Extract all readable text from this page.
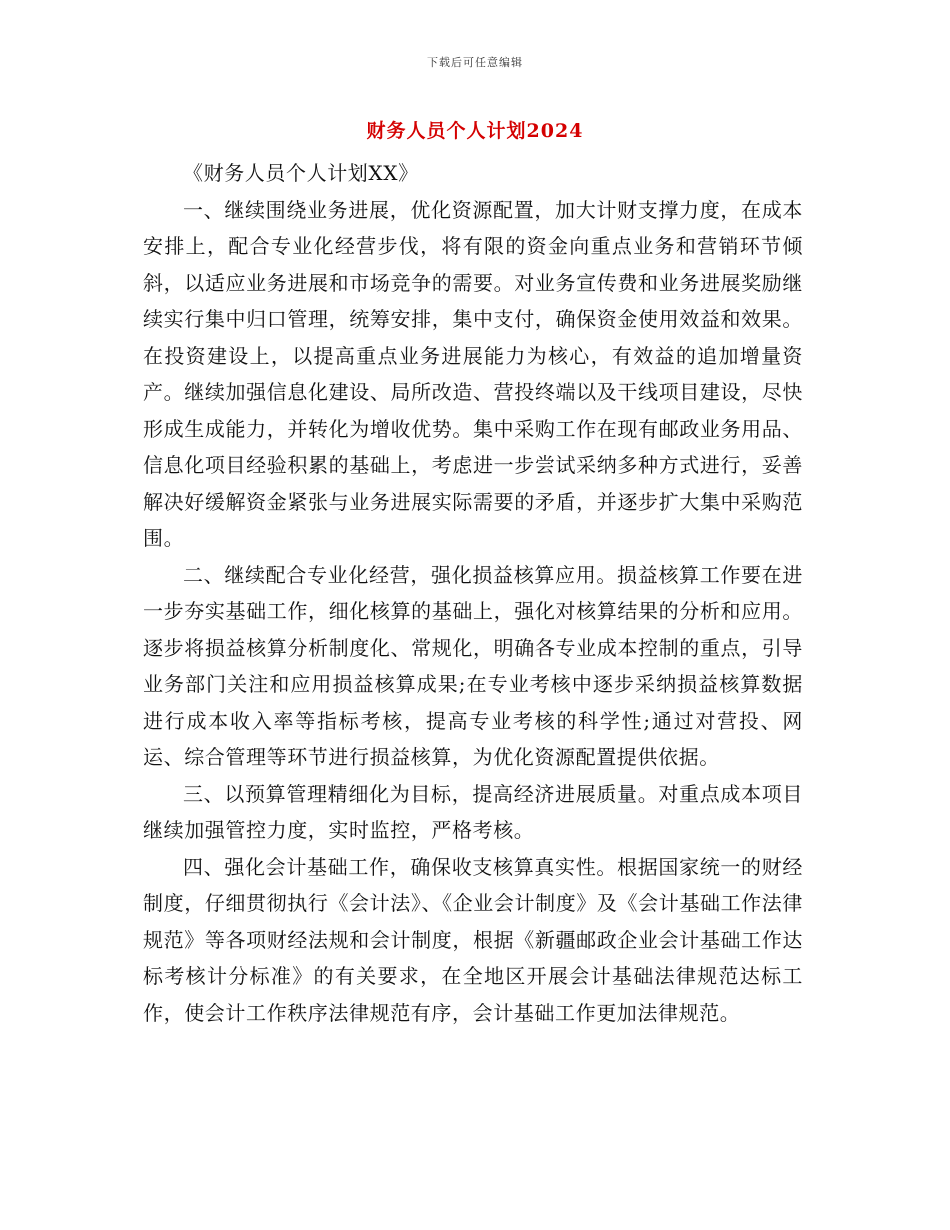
下载后可任意编辑
财务人员个人计划2024

《财务人员个人计划XX》

一、继续围绕业务进展，优化资源配置，加大计财支撑力度，在成本安排上，配合专业化经营步伐，将有限的资金向重点业务和营销环节倾斜，以适应业务进展和市场竞争的需要。对业务宣传费和业务进展奖励继续实行集中归口管理，统筹安排，集中支付，确保资金使用效益和效果。在投资建设上，以提高重点业务进展能力为核心，有效益的追加增量资产。继续加强信息化建设、局所改造、营投终端以及干线项目建设，尽快形成生成能力，并转化为增收优势。集中采购工作在现有邮政业务用品、信息化项目经验积累的基础上，考虑进一步尝试采纳多种方式进行，妥善解决好缓解资金紧张与业务进展实际需要的矛盾，并逐步扩大集中采购范围。

二、继续配合专业化经营，强化损益核算应用。损益核算工作要在进一步夯实基础工作，细化核算的基础上，强化对核算结果的分析和应用。逐步将损益核算分析制度化、常规化，明确各专业成本控制的重点，引导业务部门关注和应用损益核算成果;在专业考核中逐步采纳损益核算数据进行成本收入率等指标考核，提高专业考核的科学性;通过对营投、网运、综合管理等环节进行损益核算，为优化资源配置提供依据。

三、以预算管理精细化为目标，提高经济进展质量。对重点成本项目继续加强管控力度，实时监控，严格考核。

四、强化会计基础工作，确保收支核算真实性。根据国家统一的财经制度，仔细贯彻执行《会计法》、《企业会计制度》及《会计基础工作法律规范》等各项财经法规和会计制度，根据《新疆邮政企业会计基础工作达标考核计分标准》的有关要求，在全地区开展会计基础法律规范达标工作，使会计工作秩序法律规范有序，会计基础工作更加法律规范。
